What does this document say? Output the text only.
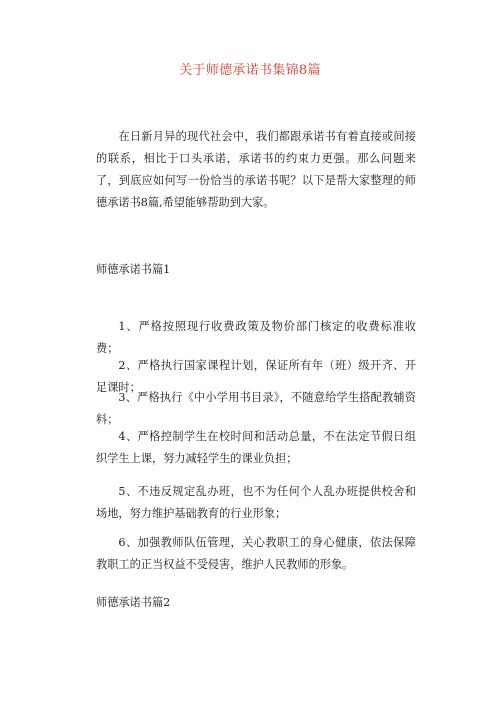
关于师德承诺书集锦8篇
在日新月异的现代社会中，我们都跟承诺书有着直接或间接的联系，相比于口头承诺，承诺书的约束力更强。那么问题来了，到底应如何写一份恰当的承诺书呢？以下是帮大家整理的师德承诺书8篇,希望能够帮助到大家。
师德承诺书篇1
1、严格按照现行收费政策及物价部门核定的收费标准收费；
2、严格执行国家课程计划，保证所有年（班）级开齐、开足课时；
3、严格执行《中小学用书目录》，不随意给学生搭配教辅资料；
4、严格控制学生在校时间和活动总量，不在法定节假日组织学生上课，努力减轻学生的课业负担；
5、不违反规定乱办班，也不为任何个人乱办班提供校舍和场地，努力维护基础教育的行业形象；
6、加强教师队伍管理，关心教职工的身心健康，依法保障教职工的正当权益不受侵害，维护人民教师的形象。
师德承诺书篇2
